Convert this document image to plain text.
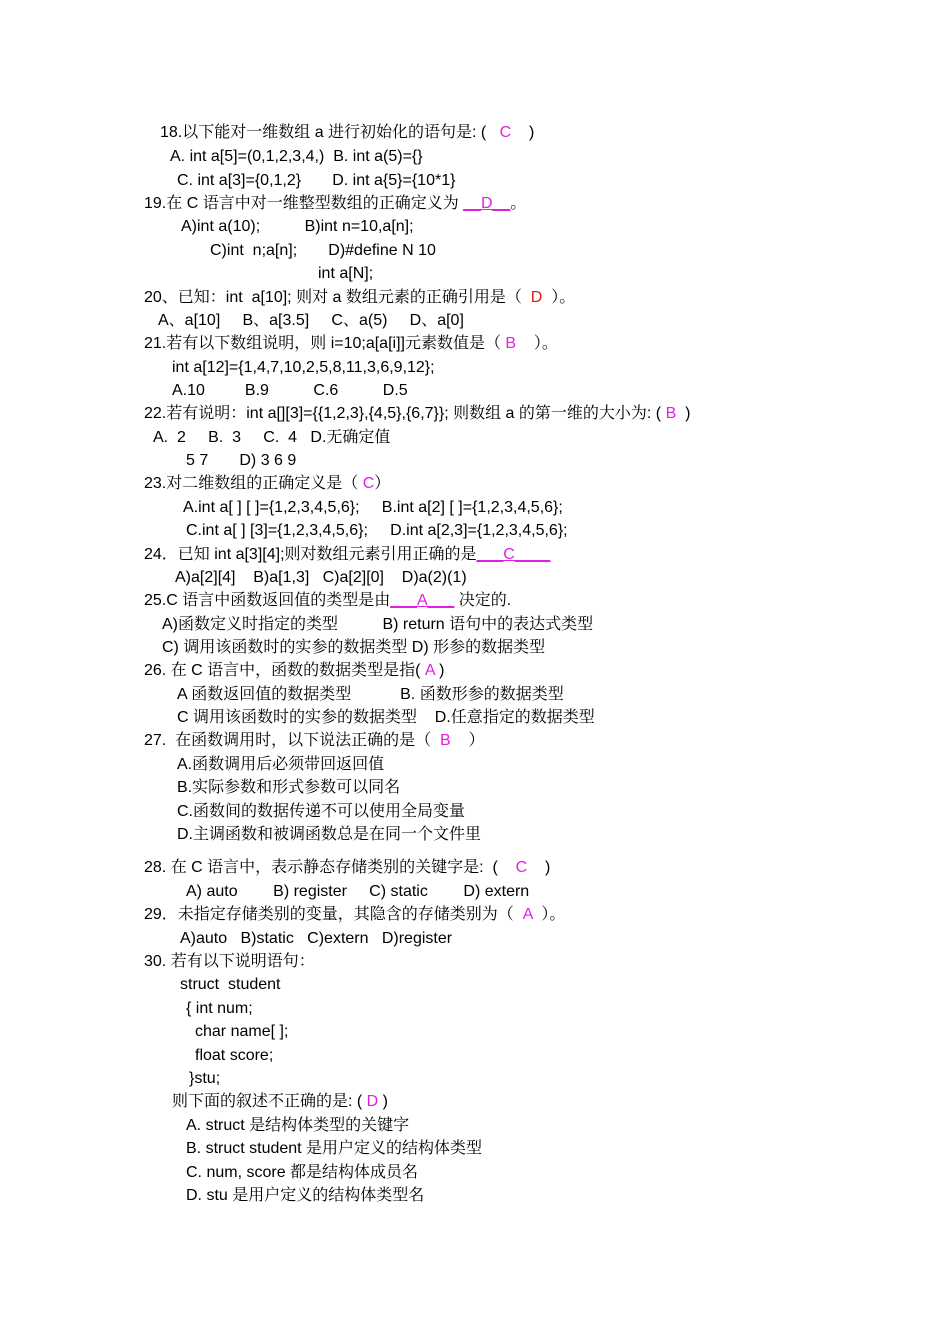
18.以下能对一维数组 a 进行初始化的语句是: (   C    )
A. int a[5]=(0,1,2,3,4,)  B. int a(5)={}
C. int a[3]={0,1,2}       D. int a{5}={10*1}
19.在 C 语言中对一维整型数组的正确定义为 __D__。
A)int a(10);          B)int n=10,a[n];
C)int  n;a[n];       D)#define N 10
int a[N];
20、已知：int  a[10]; 则对 a 数组元素的正确引用是（  D  ）。
A、a[10]     B、a[3.5]     C、a(5)     D、a[0]
21.若有以下数组说明，则 i=10;a[a[i]]元素数值是（ B    ）。
int a[12]={1,4,7,10,2,5,8,11,3,6,9,12};
A.10         B.9          C.6          D.5
22.若有说明：int a[][3]={{1,2,3},{4,5},{6,7}}; 则数组 a 的第一维的大小为: ( B  )
A.  2     B.  3     C.  4   D.无确定值
5 7       D) 3 6 9
23.对二维数组的正确定义是（ C）
A.int a[ ] [ ]={1,2,3,4,5,6};     B.int a[2] [ ]={1,2,3,4,5,6};
C.int a[ ] [3]={1,2,3,4,5,6};     D.int a[2,3]={1,2,3,4,5,6};
24．已知 int a[3][4];则对数组元素引用正确的是___C____
A)a[2][4]    B)a[1,3]   C)a[2][0]    D)a(2)(1)
25.C 语言中函数返回值的类型是由___A___ 决定的.
A)函数定义时指定的类型          B) return 语句中的表达式类型
C) 调用该函数时的实参的数据类型 D) 形参的数据类型
26. 在 C 语言中，函数的数据类型是指( A )
A 函数返回值的数据类型           B. 函数形参的数据类型
C 调用该函数时的实参的数据类型    D.任意指定的数据类型
27.  在函数调用时，以下说法正确的是（  B    ）
A.函数调用后必须带回返回值
B.实际参数和形式参数可以同名
C.函数间的数据传递不可以使用全局变量
D.主调函数和被调函数总是在同一个文件里
28. 在 C 语言中，表示静态存储类别的关键字是:  (    C    )
A) auto        B) register     C) static        D) extern
29．未指定存储类别的变量，其隐含的存储类别为（  A  ）。
A)auto   B)static   C)extern   D)register
30. 若有以下说明语句：
struct  student
{ int num;
char name[ ];
float score;
}stu;
则下面的叙述不正确的是: ( D )
A. struct 是结构体类型的关键字
B. struct student 是用户定义的结构体类型
C. num, score 都是结构体成员名
D. stu 是用户定义的结构体类型名
